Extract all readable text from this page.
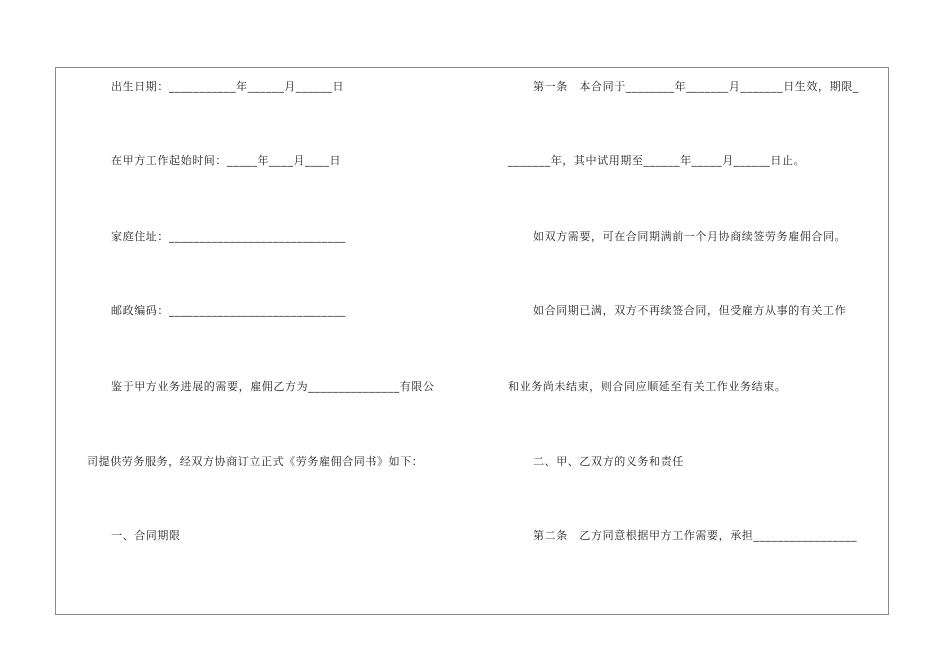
出生日期：___________年______月______日
在甲方工作起始时间：_____年____月____日
家庭住址：_____________________________
邮政编码：_____________________________
鉴于甲方业务进展的需要，雇佣乙方为_______________有限公
司提供劳务服务，经双方协商订立正式《劳务雇佣合同书》如下：
一、合同期限
第一条　本合同于________年_______月_______日生效，期限_
_______年，其中试用期至______年_____月______日止。
如双方需要，可在合同期满前一个月协商续签劳务雇佣合同。
如合同期已满，双方不再续签合同，但受雇方从事的有关工作
和业务尚未结束，则合同应顺延至有关工作业务结束。
二、甲、乙双方的义务和责任
第二条　乙方同意根据甲方工作需要，承担_________________
